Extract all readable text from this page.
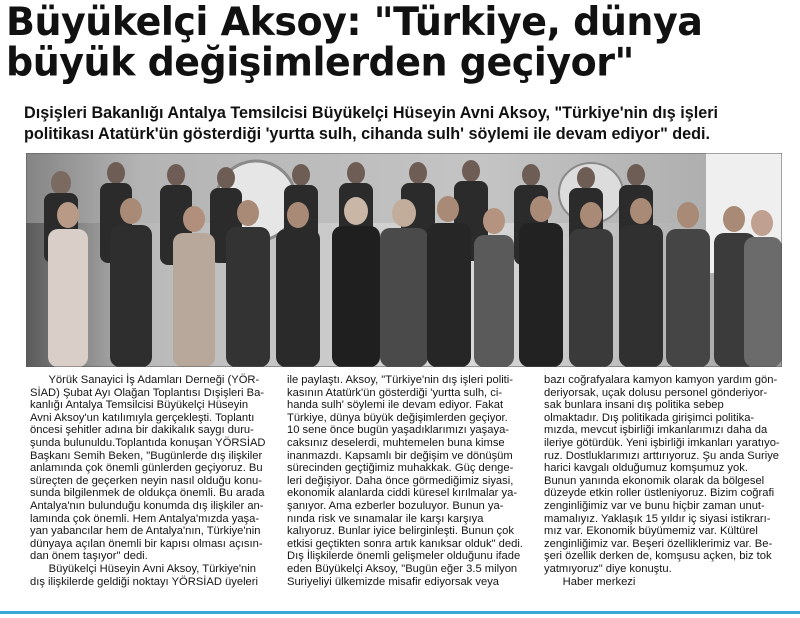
Büyükelçi Aksoy: "Türkiye, dünya
büyük değişimlerden geçiyor"
Dışişleri Bakanlığı Antalya Temsilcisi Büyükelçi Hüseyin Avni Aksoy, "Türkiye'nin dış işleri
politikası Atatürk'ün gösterdiği 'yurtta sulh, cihanda sulh' söylemi ile devam ediyor" dedi.
Yörük Sanayici İş Adamları Derneği (YÖR-
SİAD) Şubat Ayı Olağan Toplantısı Dışişleri Ba-
kanlığı Antalya Temsilcisi Büyükelçi Hüseyin
Avni Aksoy'un katılımıyla gerçekleşti. Toplantı
öncesi şehitler adına bir dakikalık saygı duru-
şunda bulunuldu.Toplantıda konuşan YÖRSİAD
Başkanı Semih Beken, "Bugünlerde dış ilişkiler
anlamında çok önemli günlerden geçiyoruz. Bu
süreçten de geçerken neyin nasıl olduğu konu-
sunda bilgilenmek de oldukça önemli. Bu arada
Antalya'nın bulunduğu konumda dış ilişkiler an-
lamında çok önemli. Hem Antalya'mızda yaşa-
yan yabancılar hem de Antalya'nın, Türkiye'nin
dünyaya açılan önemli bir kapısı olması açısın-
dan önem taşıyor" dedi.
Büyükelçi Hüseyin Avni Aksoy, Türkiye'nin
dış ilişkilerde geldiği noktayı YÖRSİAD üyeleri
ile paylaştı. Aksoy, "Türkiye'nin dış işleri politi-
kasının Atatürk'ün gösterdiği 'yurtta sulh, ci-
handa sulh' söylemi ile devam ediyor. Fakat
Türkiye, dünya büyük değişimlerden geçiyor.
10 sene önce bugün yaşadıklarımızı yaşaya-
caksınız deselerdi, muhtemelen buna kimse
inanmazdı. Kapsamlı bir değişim ve dönüşüm
sürecinden geçtiğimiz muhakkak. Güç denge-
leri değişiyor. Daha önce görmediğimiz siyasi,
ekonomik alanlarda ciddi küresel kırılmalar ya-
şanıyor. Ama ezberler bozuluyor. Bunun ya-
nında risk ve sınamalar ile karşı karşıya
kalıyoruz. Bunlar iyice belirginleşti. Bunun çok
etkisi geçtikten sonra artık kanıksar olduk" dedi.
Dış İlişkilerde önemli gelişmeler olduğunu ifade
eden Büyükelçi Aksoy, "Bugün eğer 3.5 milyon
Suriyeliyi ülkemizde misafir ediyorsak veya
bazı coğrafyalara kamyon kamyon yardım gön-
deriyorsak, uçak dolusu personel gönderiyor-
sak bunlara insani dış politika sebep
olmaktadır. Dış politikada girişimci politika-
mızda, mevcut işbirliği imkanlarımızı daha da
ileriye götürdük. Yeni işbirliği imkanları yaratıyo-
ruz. Dostluklarımızı arttırıyoruz. Şu anda Suriye
harici kavgalı olduğumuz komşumuz yok.
Bunun yanında ekonomik olarak da bölgesel
düzeyde etkin roller üstleniyoruz. Bizim coğrafi
zenginliğimiz var ve bunu hiçbir zaman unut-
mamalıyız. Yaklaşık 15 yıldır iç siyasi istikrarı-
mız var. Ekonomik büyümemiz var. Kültürel
zenginliğimiz var. Beşeri özelliklerimiz var. Be-
şeri özellik derken de, komşusu açken, biz tok
yatmıyoruz" diye konuştu.
Haber merkezi
